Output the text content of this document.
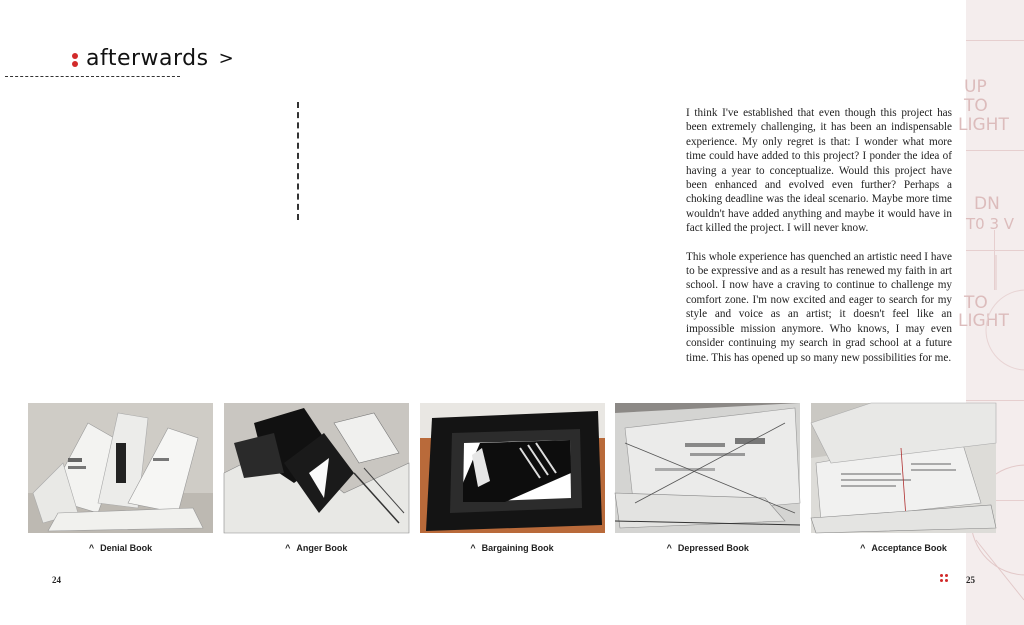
afterwards >

I think I've established that even though this project has been extremely challenging, it has been an indispensable experience. My only regret is that: I wonder what more time could have added to this project? I ponder the idea of having a year to conceptualize. Would this project have been enhanced and evolved even further? Perhaps a choking deadline was the ideal scenario. Maybe more time wouldn't have added anything and maybe it would have in fact killed the project. I will never know.

This whole experience has quenched an artistic need I have to be expressive and as a result has renewed my faith in art school. I now have a craving to continue to challenge my comfort zone. I'm now excited and eager to search for my style and voice as an artist; it doesn't feel like an impossible mission anymore. Who knows, I may even consider continuing my search in grad school at a future time. This has opened up so many new possibilities for me.

UP
TO
LIGHT
DN
T0 3 V
TO
LIGHT
^ Denial Book	^ Anger Book	^ Bargaining Book	^ Depressed Book	^ Acceptance Book
24	25
